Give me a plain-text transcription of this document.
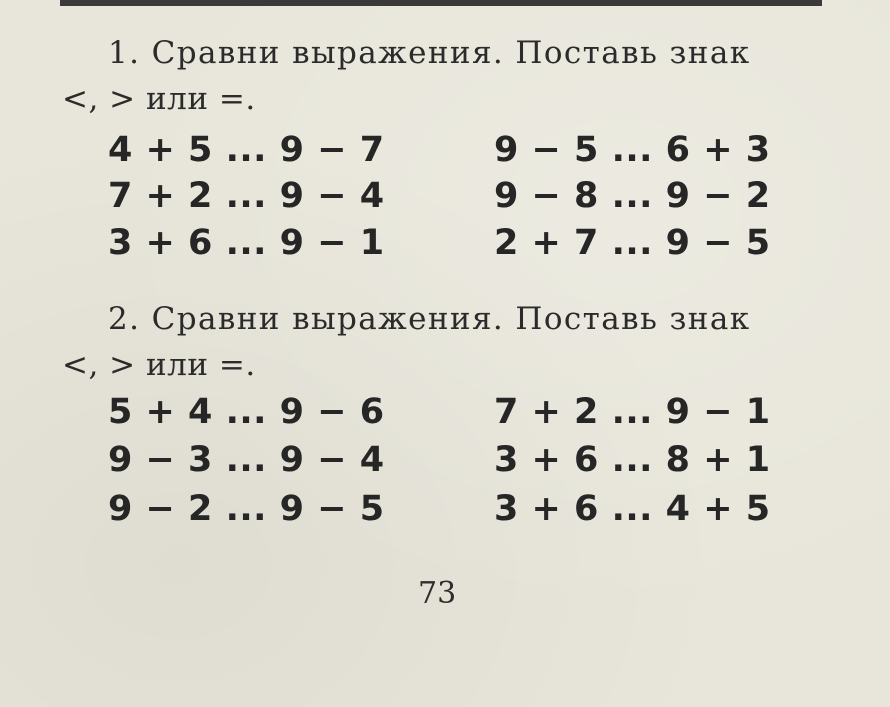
1. Сравни выражения. Поставь знак
<, > или =.
4 + 5 ... 9 − 7
7 + 2 ... 9 − 4
3 + 6 ... 9 − 1
9 − 5 ... 6 + 3
9 − 8 ... 9 − 2
2 + 7 ... 9 − 5
2. Сравни выражения. Поставь знак
<, > или =.
5 + 4 ... 9 − 6
9 − 3 ... 9 − 4
9 − 2 ... 9 − 5
7 + 2 ... 9 − 1
3 + 6 ... 8 + 1
3 + 6 ... 4 + 5
73
